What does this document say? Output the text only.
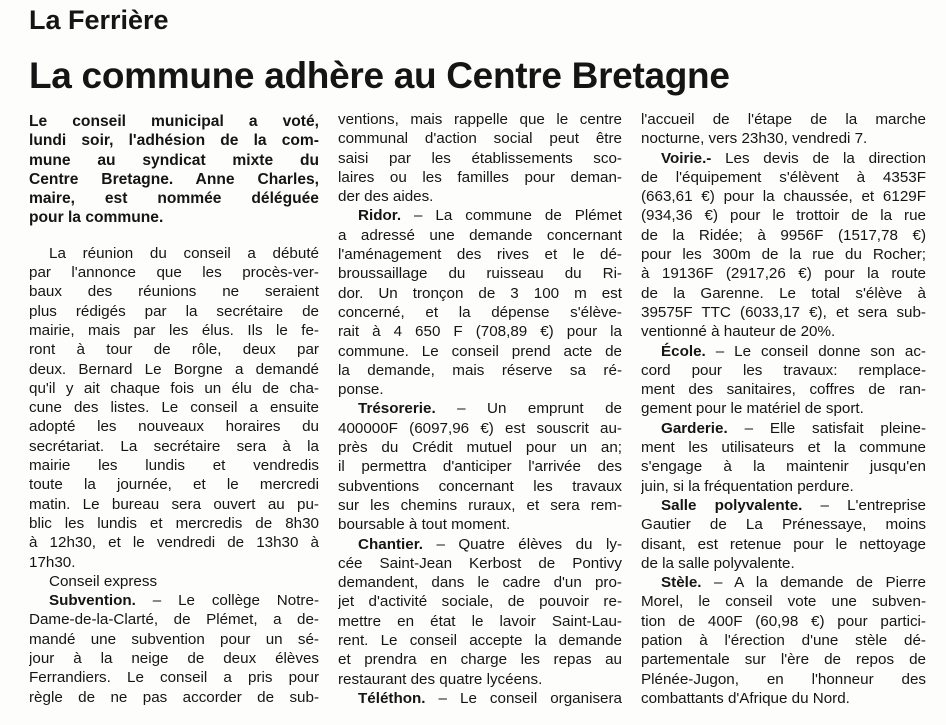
La Ferrière
La commune adhère au Centre Bretagne
Le conseil municipal a voté,
lundi soir, l'adhésion de la com-
mune au syndicat mixte du
Centre Bretagne. Anne Charles,
maire, est nommée déléguée
pour la commune.
La réunion du conseil a débuté
par l'annonce que les procès-ver-
baux des réunions ne seraient
plus rédigés par la secrétaire de
mairie, mais par les élus. Ils le fe-
ront à tour de rôle, deux par
deux. Bernard Le Borgne a demandé
qu'il y ait chaque fois un élu de cha-
cune des listes. Le conseil a ensuite
adopté les nouveaux horaires du
secrétariat. La secrétaire sera à la
mairie les lundis et vendredis
toute la journée, et le mercredi
matin. Le bureau sera ouvert au pu-
blic les lundis et mercredis de 8h30
à 12h30, et le vendredi de 13h30 à
17h30.
Conseil express
Subvention. – Le collège Notre-
Dame-de-la-Clarté, de Plémet, a de-
mandé une subvention pour un sé-
jour à la neige de deux élèves
Ferrandiers. Le conseil a pris pour
règle de ne pas accorder de sub-
ventions, mais rappelle que le centre
communal d'action social peut être
saisi par les établissements sco-
laires ou les familles pour deman-
der des aides.
Ridor. – La commune de Plémet
a adressé une demande concernant
l'aménagement des rives et le dé-
broussaillage du ruisseau du Ri-
dor. Un tronçon de 3 100 m est
concerné, et la dépense s'élève-
rait à 4 650 F (708,89 €) pour la
commune. Le conseil prend acte de
la demande, mais réserve sa ré-
ponse.
Trésorerie. – Un emprunt de
400000F (6097,96 €) est souscrit au-
près du Crédit mutuel pour un an;
il permettra d'anticiper l'arrivée des
subventions concernant les travaux
sur les chemins ruraux, et sera rem-
boursable à tout moment.
Chantier. – Quatre élèves du ly-
cée Saint-Jean Kerbost de Pontivy
demandent, dans le cadre d'un pro-
jet d'activité sociale, de pouvoir re-
mettre en état le lavoir Saint-Lau-
rent. Le conseil accepte la demande
et prendra en charge les repas au
restaurant des quatre lycéens.
Téléthon. – Le conseil organisera
l'accueil de l'étape de la marche
nocturne, vers 23h30, vendredi 7.
Voirie.- Les devis de la direction
de l'équipement s'élèvent à 4353F
(663,61 €) pour la chaussée, et 6129F
(934,36 €) pour le trottoir de la rue
de la Ridée; à 9956F (1517,78 €)
pour les 300m de la rue du Rocher;
à 19136F (2917,26 €) pour la route
de la Garenne. Le total s'élève à
39575F TTC (6033,17 €), et sera sub-
ventionné à hauteur de 20%.
École. – Le conseil donne son ac-
cord pour les travaux: remplace-
ment des sanitaires, coffres de ran-
gement pour le matériel de sport.
Garderie. – Elle satisfait pleine-
ment les utilisateurs et la commune
s'engage à la maintenir jusqu'en
juin, si la fréquentation perdure.
Salle polyvalente. – L'entreprise
Gautier de La Prénessaye, moins
disant, est retenue pour le nettoyage
de la salle polyvalente.
Stèle. – A la demande de Pierre
Morel, le conseil vote une subven-
tion de 400F (60,98 €) pour partici-
pation à l'érection d'une stèle dé-
partementale sur l'ère de repos de
Plénée-Jugon, en l'honneur des
combattants d'Afrique du Nord.
